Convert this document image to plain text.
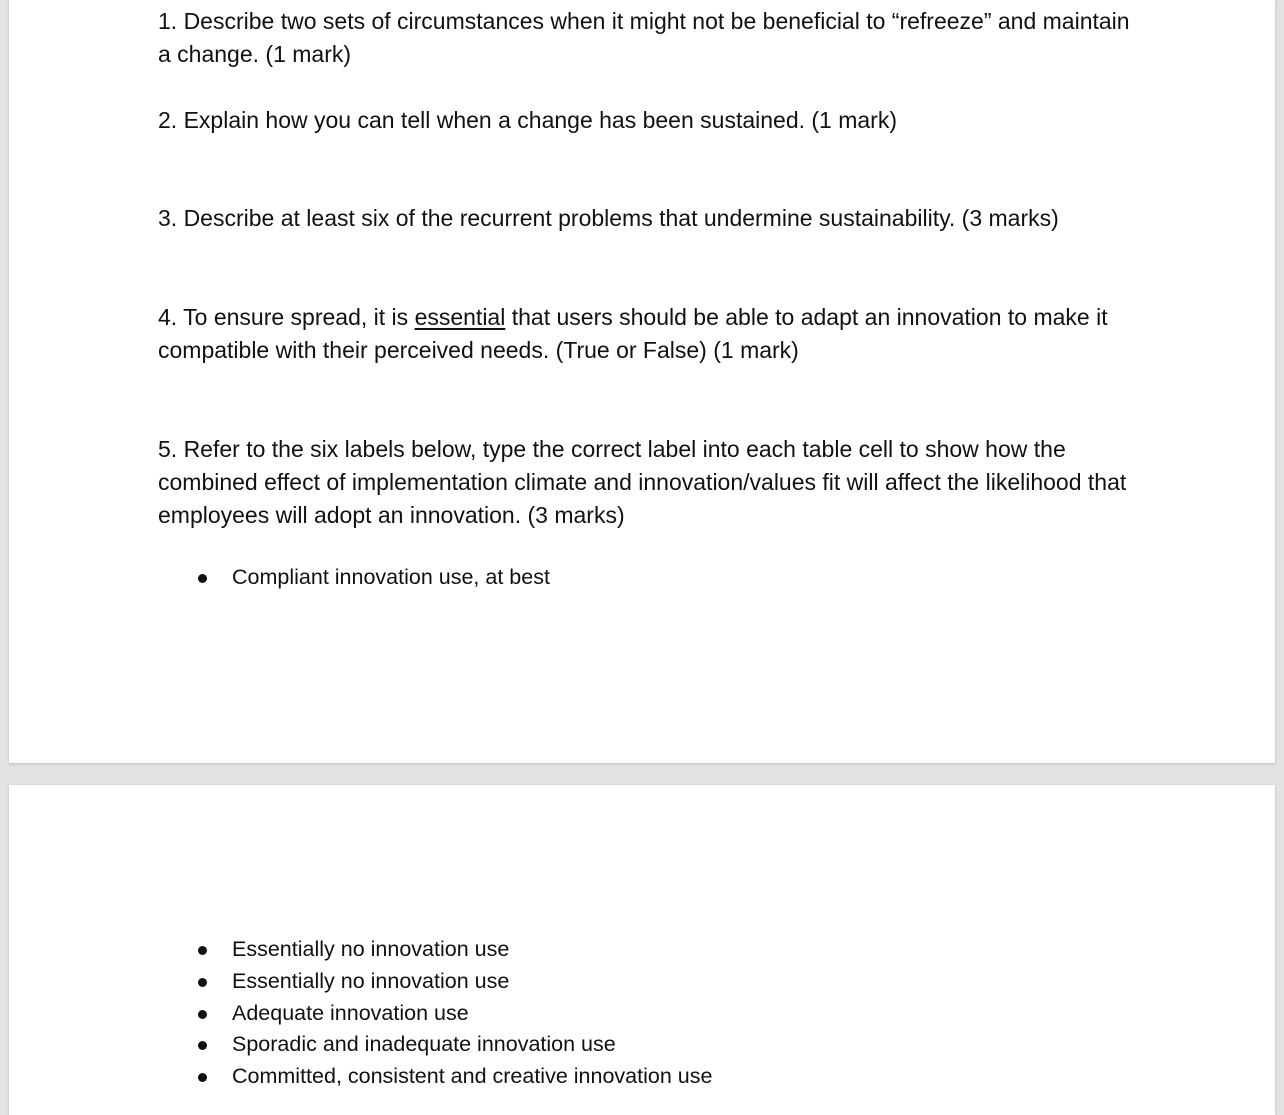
1. Describe two sets of circumstances when it might not be beneficial to “refreeze” and maintain a change. (1 mark)

2. Explain how you can tell when a change has been sustained. (1 mark)

3. Describe at least six of the recurrent problems that undermine sustainability. (3 marks)

4. To ensure spread, it is essential that users should be able to adapt an innovation to make it compatible with their perceived needs. (True or False) (1 mark)

5. Refer to the six labels below, type the correct label into each table cell to show how the combined effect of implementation climate and innovation/values fit will affect the likelihood that employees will adopt an innovation. (3 marks)

Compliant innovation use, at best
Essentially no innovation use
Essentially no innovation use
Adequate innovation use
Sporadic and inadequate innovation use
Committed, consistent and creative innovation use
